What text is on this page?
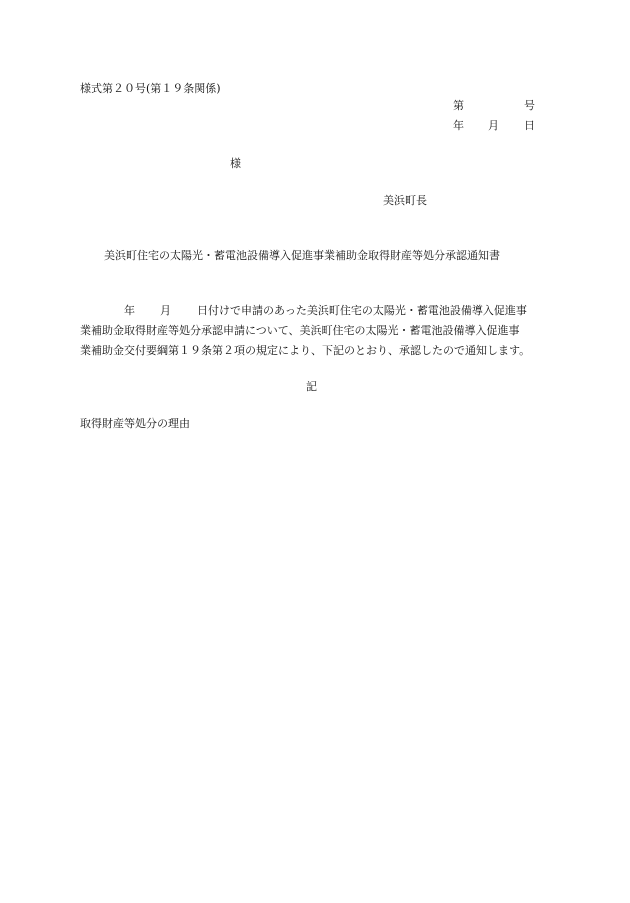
様式第２０号(第１９条関係)
第	号
年 月 日
様
美浜町長
美浜町住宅の太陽光・蓄電池設備導入促進事業補助金取得財産等処分承認通知書
年 月 日付けで申請のあった美浜町住宅の太陽光・蓄電池設備導入促進事
業補助金取得財産等処分承認申請について、美浜町住宅の太陽光・蓄電池設備導入促進事
業補助金交付要綱第１９条第２項の規定により、下記のとおり、承認したので通知します。
記
取得財産等処分の理由
